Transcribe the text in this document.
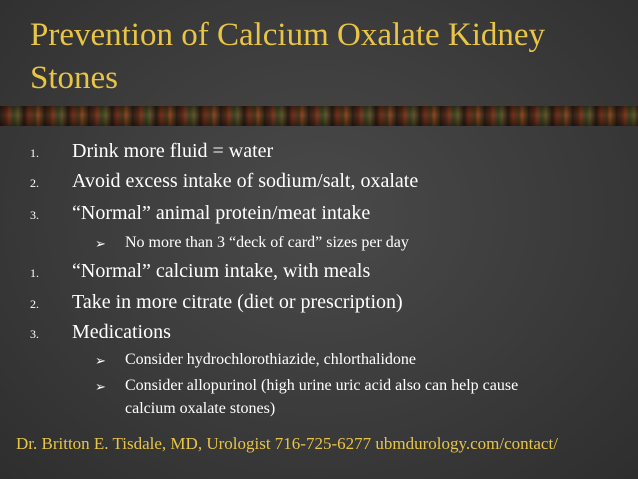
Prevention of Calcium Oxalate Kidney
Stones
1. Drink more fluid = water
2. Avoid excess intake of sodium/salt, oxalate
3. “Normal” animal protein/meat intake
➢ No more than 3 “deck of card” sizes per day
1. “Normal” calcium intake, with meals
2. Take in more citrate (diet or prescription)
3. Medications
➢ Consider hydrochlorothiazide, chlorthalidone
➢ Consider allopurinol (high urine uric acid also can help cause
calcium oxalate stones)
Dr. Britton E. Tisdale, MD, Urologist 716-725-6277 ubmdurology.com/contact/
